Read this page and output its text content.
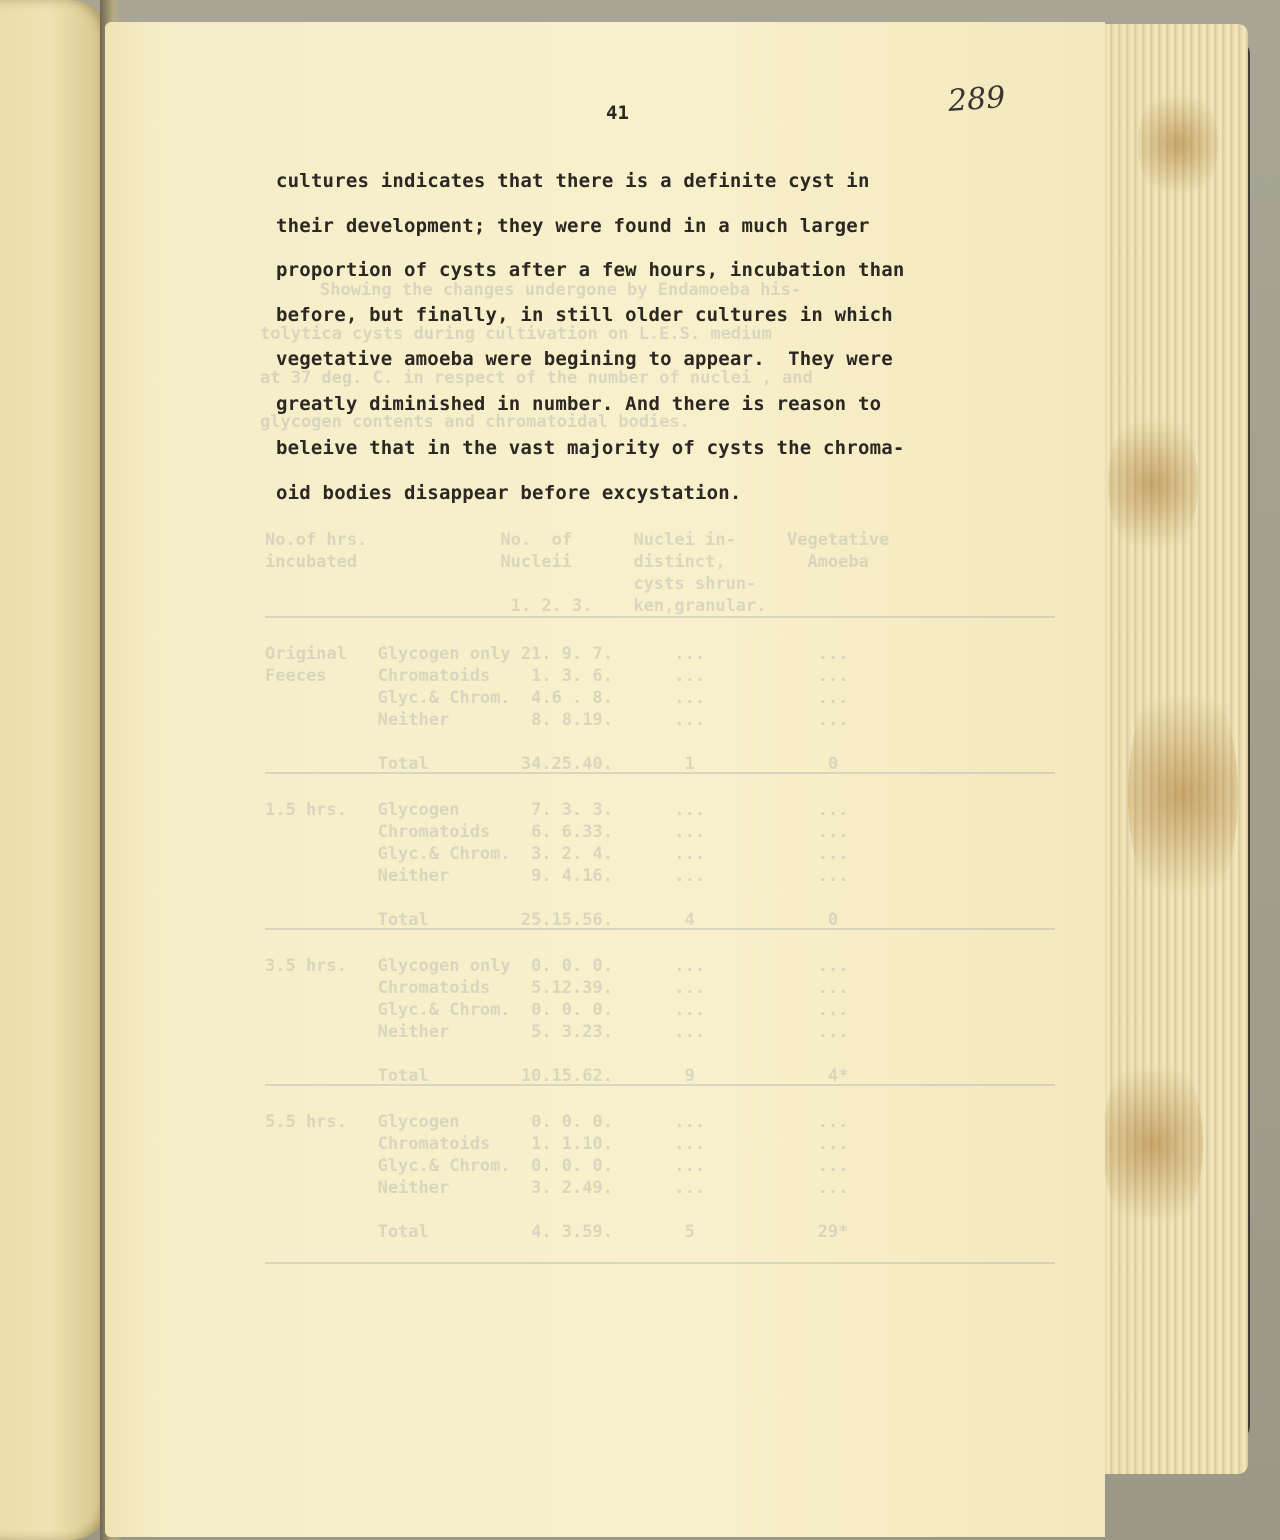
Showing the changes undergone by Endamoeba his-
tolytica cysts during cultivation on L.E.S. medium
at 37 deg. C. in respect of the number of nuclei , and
glycogen contents and chromatoidal bodies.
No.of hrs.             No.  of      Nuclei in-     Vegetative
incubated              Nucleii      distinct,        Amoeba
cysts shrun-
1. 2. 3.    ken,granular.
Original   Glycogen only 21. 9. 7.      ...           ...
Feeces     Chromatoids    1. 3. 6.      ...           ...
Glyc.& Chrom.  4.6 . 8.      ...           ...
Neither        8. 8.19.      ...           ...
Total         34.25.40.       1             0
1.5 hrs.   Glycogen       7. 3. 3.      ...           ...
Chromatoids    6. 6.33.      ...           ...
Glyc.& Chrom.  3. 2. 4.      ...           ...
Neither        9. 4.16.      ...           ...
Total         25.15.56.       4             0
3.5 hrs.   Glycogen only  0. 0. 0.      ...           ...
Chromatoids    5.12.39.      ...           ...
Glyc.& Chrom.  0. 0. 0.      ...           ...
Neither        5. 3.23.      ...           ...
Total         10.15.62.       9             4*
5.5 hrs.   Glycogen       0. 0. 0.      ...           ...
Chromatoids    1. 1.10.      ...           ...
Glyc.& Chrom.  0. 0. 0.      ...           ...
Neither        3. 2.49.      ...           ...
Total          4. 3.59.       5            29*
41	289
cultures indicates that there is a definite cyst in
their development; they were found in a much larger
proportion of cysts after a few hours, incubation than
before, but finally, in still older cultures in which
vegetative amoeba were begining to appear.  They were
greatly diminished in number. And there is reason to
beleive that in the vast majority of cysts the chroma-
oid bodies disappear before excystation.
